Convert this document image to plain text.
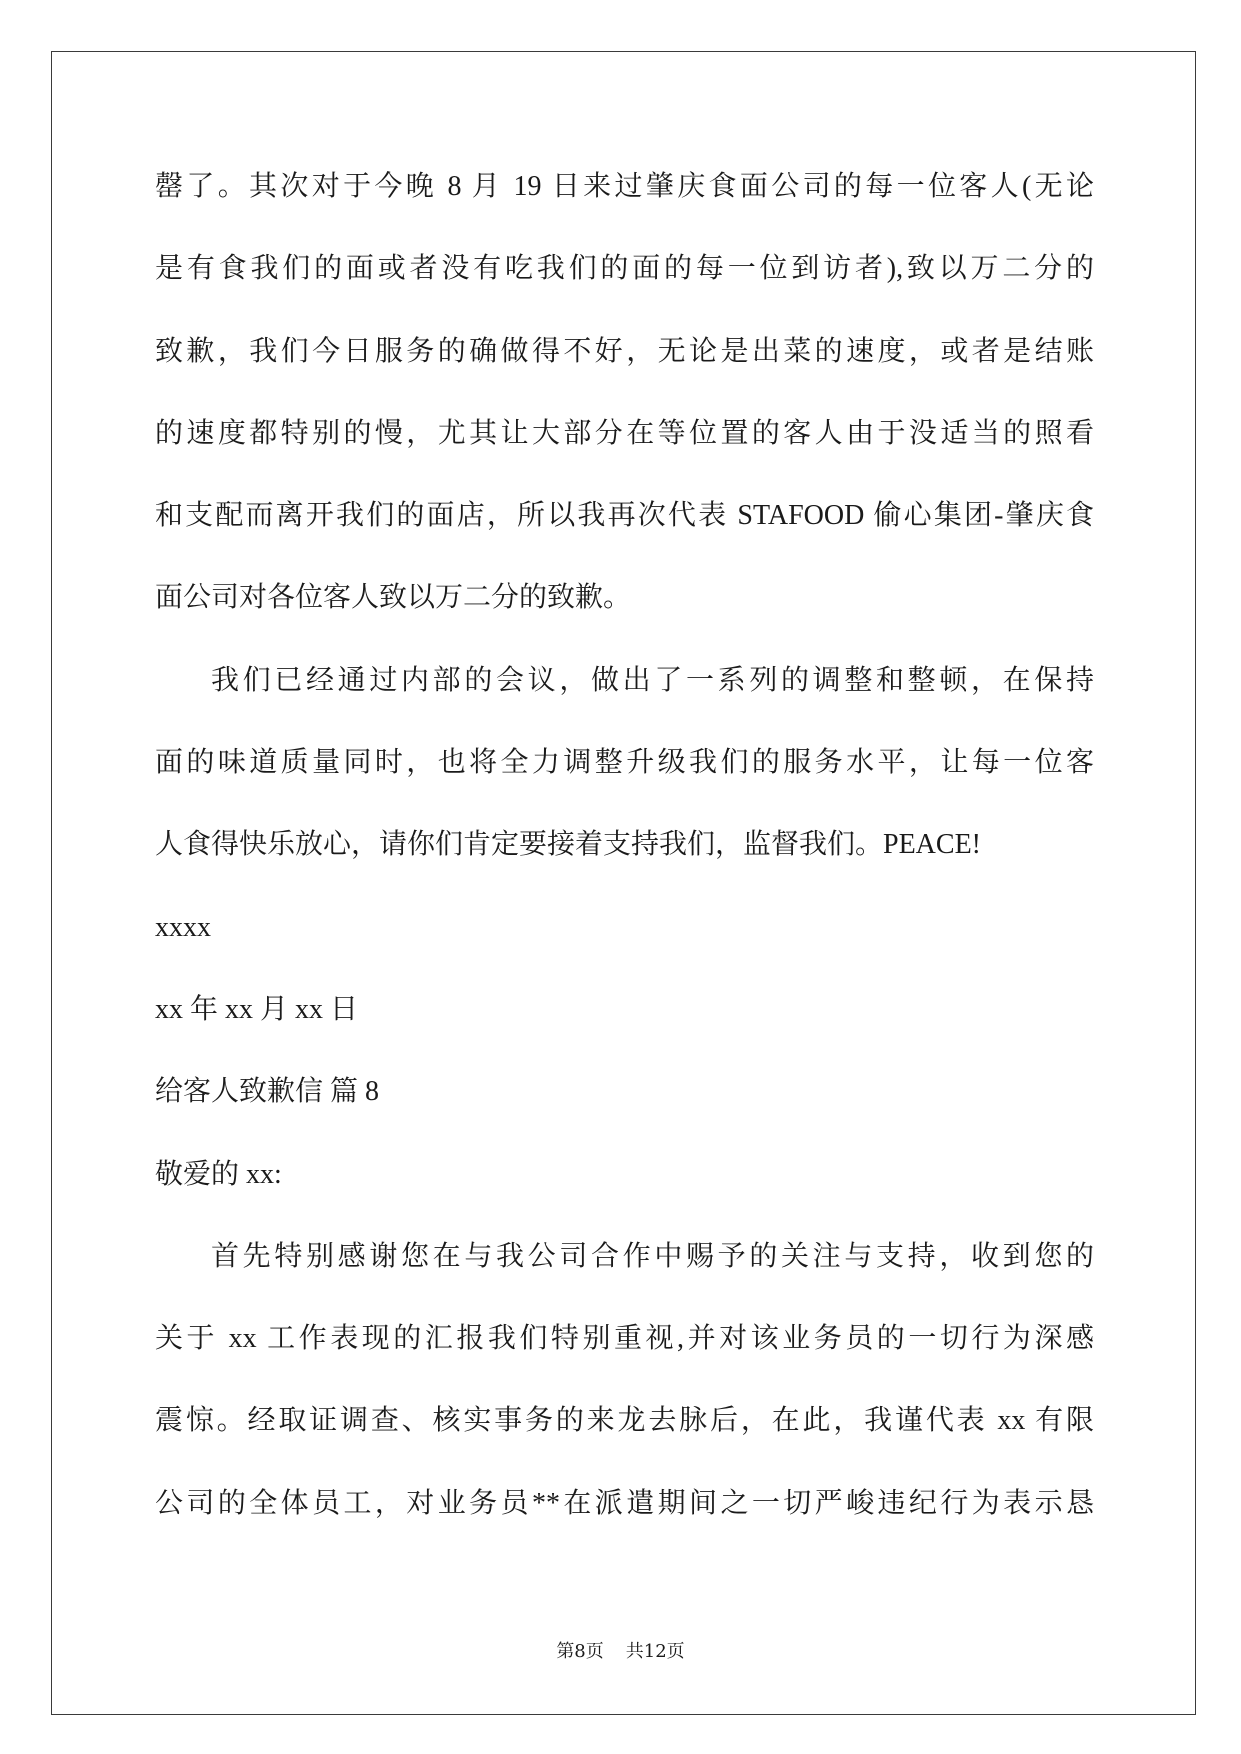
罄了。其次对于今晚 8 月 19 日来过肇庆食面公司的每一位客人(无论
是有食我们的面或者没有吃我们的面的每一位到访者),致以万二分的
致歉，我们今日服务的确做得不好，无论是出菜的速度，或者是结账
的速度都特别的慢，尤其让大部分在等位置的客人由于没适当的照看
和支配而离开我们的面店，所以我再次代表 STAFOOD 偷心集团-肇庆食
面公司对各位客人致以万二分的致歉。
我们已经通过内部的会议，做出了一系列的调整和整顿，在保持
面的味道质量同时，也将全力调整升级我们的服务水平，让每一位客
人食得快乐放心，请你们肯定要接着支持我们，监督我们。PEACE!
xxxx
xx 年 xx 月 xx 日
给客人致歉信 篇 8
敬爱的 xx:
首先特别感谢您在与我公司合作中赐予的关注与支持，收到您的
关于 xx 工作表现的汇报我们特别重视,并对该业务员的一切行为深感
震惊。经取证调查、核实事务的来龙去脉后，在此，我谨代表 xx 有限
公司的全体员工，对业务员**在派遣期间之一切严峻违纪行为表示恳
第8页 共12页
